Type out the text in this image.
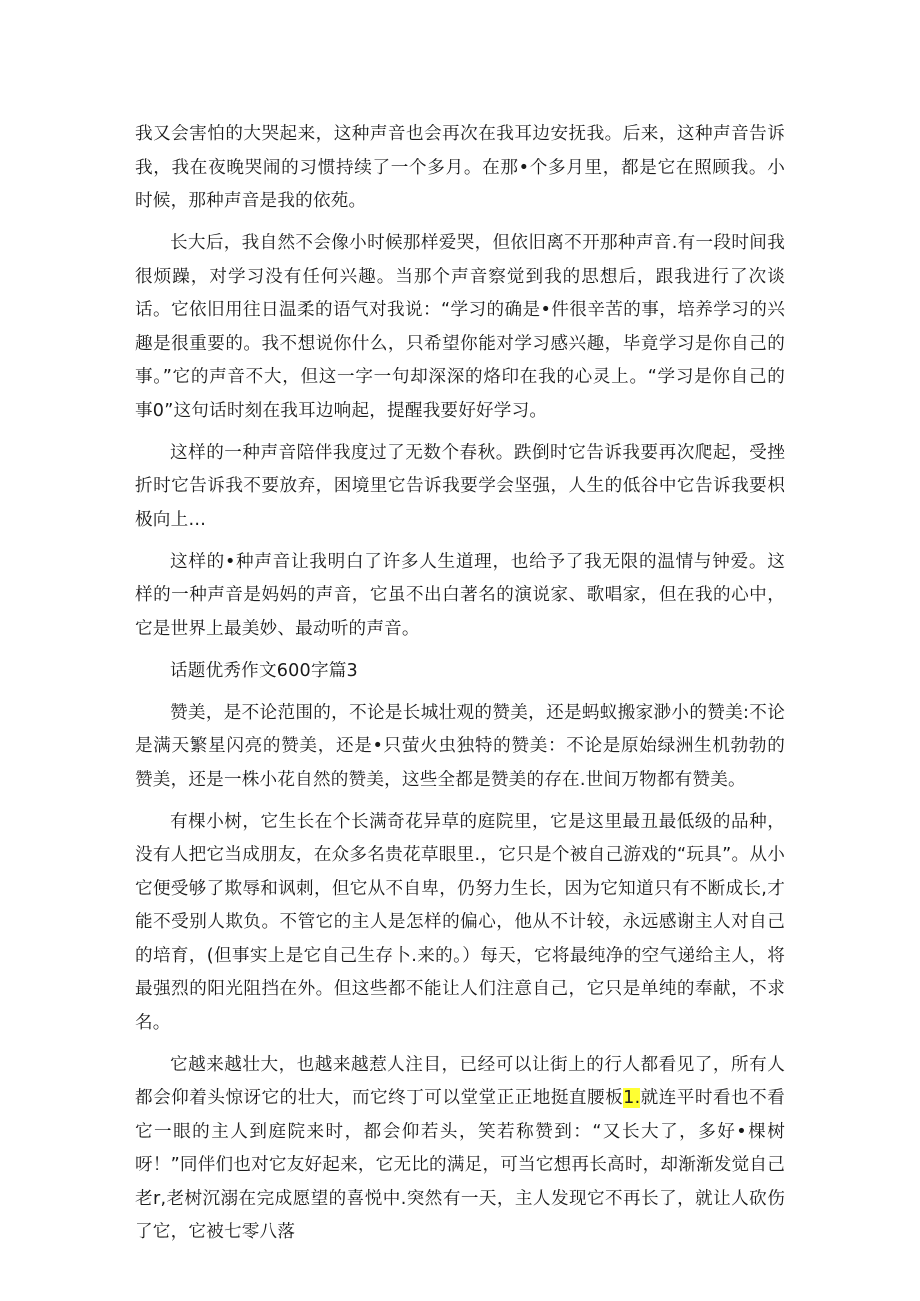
我又会害怕的大哭起来，这种声音也会再次在我耳边安抚我。后来，这种声音告诉我，我在夜晚哭闹的习惯持续了一个多月。在那•个多月里，都是它在照顾我。小时候，那种声音是我的依苑。

长大后，我自然不会像小时候那样爱哭，但依旧离不开那种声音.有一段时间我很烦躁，对学习没有任何兴趣。当那个声音察觉到我的思想后，跟我进行了次谈话。它依旧用往日温柔的语气对我说：“学习的确是•件很辛苦的事，培养学习的兴趣是很重要的。我不想说你什么，只希望你能对学习感兴趣，毕竟学习是你自己的事。”它的声音不大，但这一字一句却深深的烙印在我的心灵上。“学习是你自己的事0”这句话时刻在我耳边响起，提醒我要好好学习。

这样的一种声音陪伴我度过了无数个春秋。跌倒时它告诉我要再次爬起，受挫折时它告诉我不要放弃，困境里它告诉我要学会坚强，人生的低谷中它告诉我要枳极向上…

这样的•种声音让我明白了许多人生道理，也给予了我无限的温情与钟爱。这样的一种声音是妈妈的声音，它虽不出白著名的演说家、歌唱家，但在我的心中，它是世界上最美妙、最动听的声音。

话题优秀作文600字篇3

赞美，是不论范围的，不论是长城壮观的赞美，还是蚂蚁搬家渺小的赞美:不论是满天繁星闪亮的赞美，还是•只萤火虫独特的赞美：不论是原始绿洲生机勃勃的赞美，还是一株小花自然的赞美，这些全都是赞美的存在.世间万物都有赞美。

有棵小树，它生长在个长满奇花异草的庭院里，它是这里最丑最低级的品种，没有人把它当成朋友，在众多名贵花草眼里.，它只是个被自己游戏的“玩具”。从小它便受够了欺辱和讽刺，但它从不自卑，仍努力生长，因为它知道只有不断成长,才能不受别人欺负。不管它的主人是怎样的偏心，他从不计较，永远感谢主人对自己的培育，(但事实上是它自己生存卜.来的。）每天，它将最纯净的空气递给主人，将最强烈的阳光阻挡在外。但这些都不能让人们注意自己，它只是单纯的奉献，不求名。

它越来越壮大，也越来越惹人注目，已经可以让街上的行人都看见了，所有人都会仰着头惊讶它的壮大，而它终丁可以堂堂正正地挺直腰板1.就连平时看也不看它一眼的主人到庭院来时，都会仰若头，笑若称赞到：“又长大了，多好•棵树呀！”同伴们也对它友好起来，它无比的满足，可当它想再长高时，却渐渐发觉自己老r,老树沉溺在完成愿望的喜悦中.突然有一天，主人发现它不再长了，就让人砍伤了它，它被七零八落
